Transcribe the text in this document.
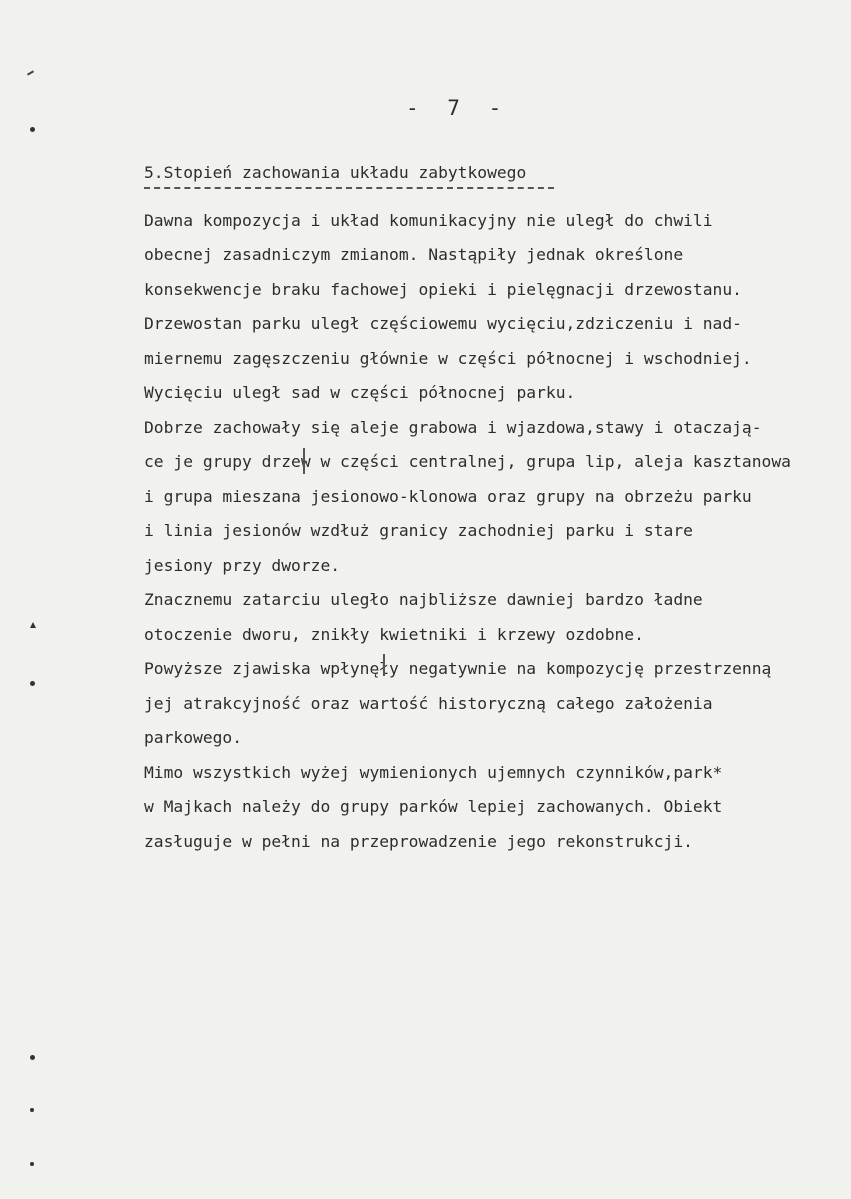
- 7 -
5.Stopień zachowania układu zabytkowego
Dawna kompozycja i układ komunikacyjny nie uległ do chwili
obecnej zasadniczym zmianom. Nastąpiły jednak określone
konsekwencje braku fachowej opieki i pielęgnacji drzewostanu.
Drzewostan parku uległ częściowemu wycięciu,zdziczeniu i nad-
miernemu zagęszczeniu głównie w części północnej i wschodniej.
Wycięciu uległ sad w części północnej parku.
Dobrze zachowały się aleje grabowa i wjazdowa,stawy i otaczają-
ce je grupy drzew w części centralnej, grupa lip, aleja kasztanowa
i grupa mieszana jesionowo-klonowa oraz grupy na obrzeżu parku
i linia jesionów wzdłuż granicy zachodniej parku i stare
jesiony przy dworze.
Znacznemu zatarciu uległo najbliższe dawniej bardzo ładne
otoczenie dworu, znikły kwietniki i krzewy ozdobne.
Powyższe zjawiska wpłynęły negatywnie na kompozycję przestrzenną
jej atrakcyjność oraz wartość historyczną całego założenia
parkowego.
Mimo wszystkich wyżej wymienionych ujemnych czynników,park*
w Majkach należy do grupy parków lepiej zachowanych. Obiekt
zasługuje w pełni na przeprowadzenie jego rekonstrukcji.
